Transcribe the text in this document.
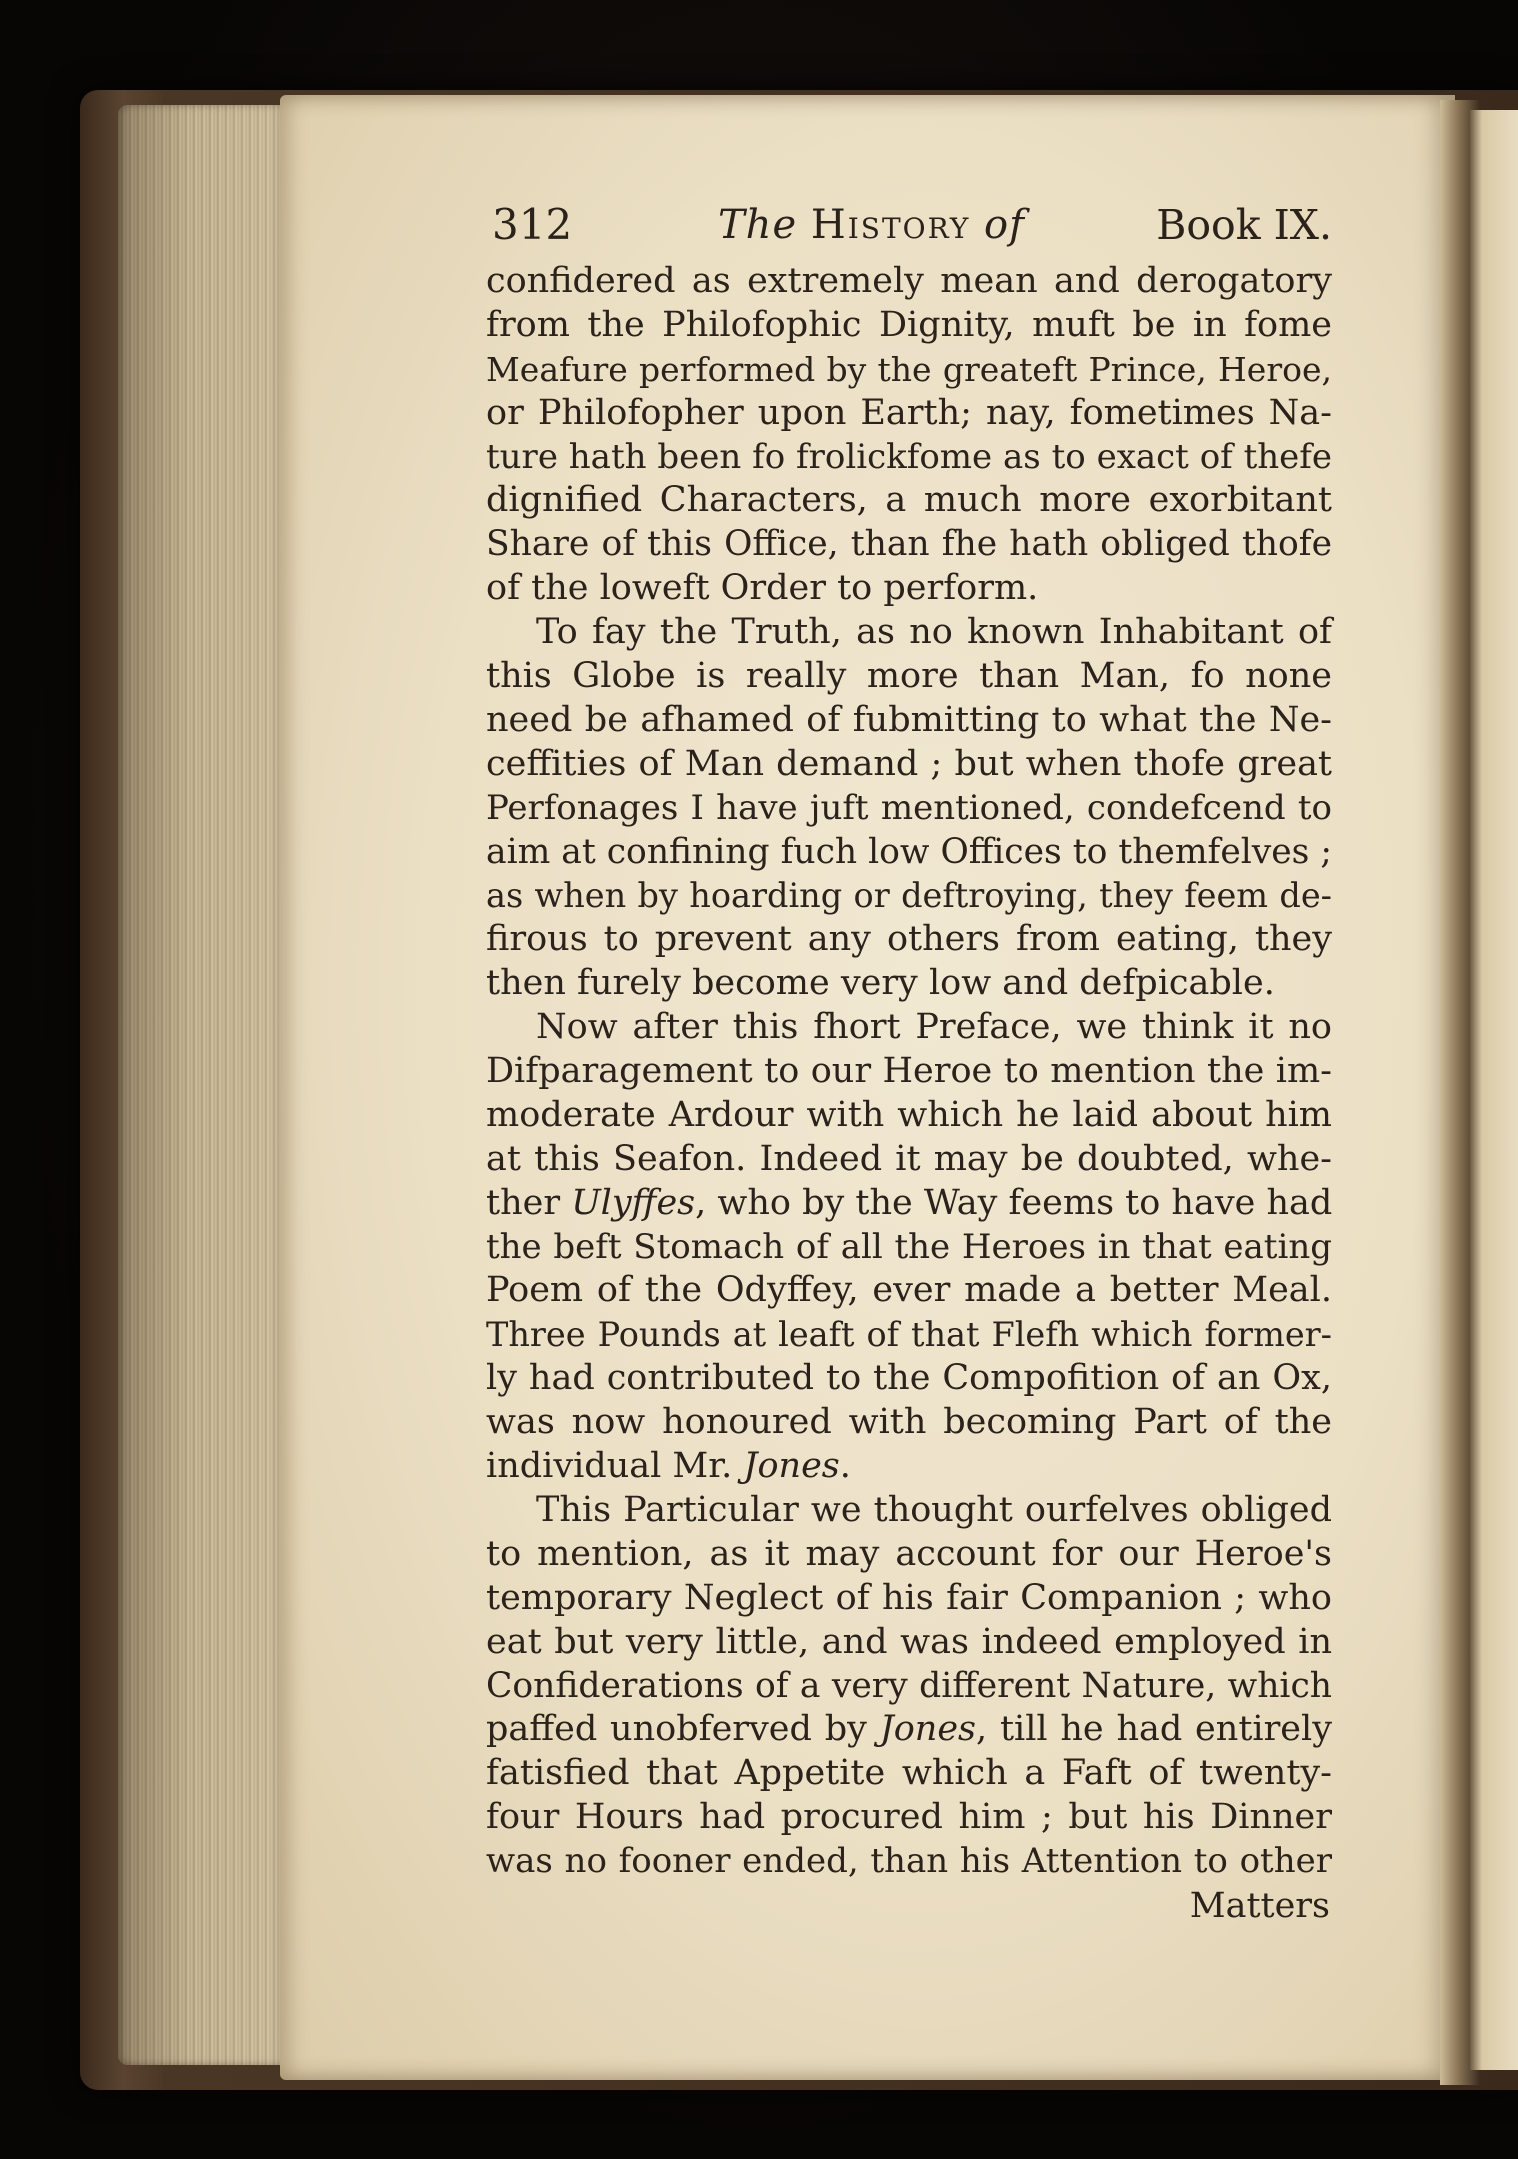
312	The History of	Book IX.
confidered as extremely mean and derogatory
from the Philofophic Dignity, muft be in fome
Meafure performed by the greateft Prince, Heroe,
or Philofopher upon Earth; nay, fometimes Na-
ture hath been fo frolickfome as to exact of thefe
dignified Characters, a much more exorbitant
Share of this Office, than fhe hath obliged thofe
of the loweft Order to perform.
To fay the Truth, as no known Inhabitant of
this Globe is really more than Man, fo none
need be afhamed of fubmitting to what the Ne-
ceffities of Man demand ; but when thofe great
Perfonages I have juft mentioned, condefcend to
aim at confining fuch low Offices to themfelves ;
as when by hoarding or deftroying, they feem de-
firous to prevent any others from eating, they
then furely become very low and defpicable.
Now after this fhort Preface, we think it no
Difparagement to our Heroe to mention the im-
moderate Ardour with which he laid about him
at this Seafon. Indeed it may be doubted, whe-
ther Ulyffes, who by the Way feems to have had
the beft Stomach of all the Heroes in that eating
Poem of the Odyffey, ever made a better Meal.
Three Pounds at leaft of that Flefh which former-
ly had contributed to the Compofition of an Ox,
was now honoured with becoming Part of the
individual Mr. Jones.
This Particular we thought ourfelves obliged
to mention, as it may account for our Heroe's
temporary Neglect of his fair Companion ; who
eat but very little, and was indeed employed in
Confiderations of a very different Nature, which
paffed unobferved by Jones, till he had entirely
fatisfied that Appetite which a Faft of twenty-
four Hours had procured him ; but his Dinner
was no fooner ended, than his Attention to other
Matters
